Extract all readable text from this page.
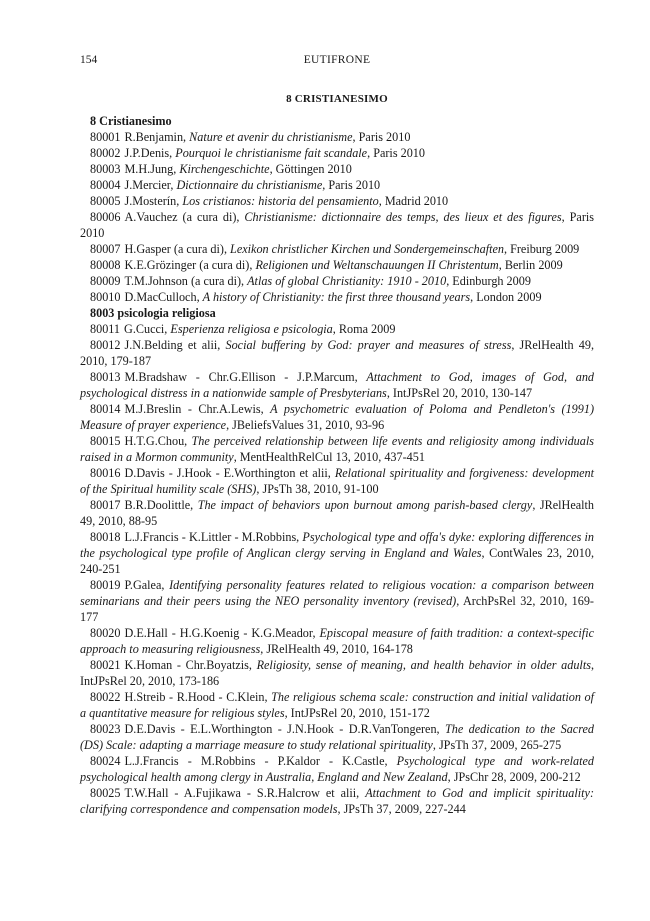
154	EUTIFRONE
8 CRISTIANESIMO

8 Cristianesimo

80001 R.Benjamin, Nature et avenir du christianisme, Paris 2010

80002 J.P.Denis, Pourquoi le christianisme fait scandale, Paris 2010

80003 M.H.Jung, Kirchengeschichte, Göttingen 2010

80004 J.Mercier, Dictionnaire du christianisme, Paris 2010

80005 J.Mosterín, Los cristianos: historia del pensamiento, Madrid 2010

80006 A.Vauchez (a cura di), Christianisme: dictionnaire des temps, des lieux et des figures, Paris 2010

80007 H.Gasper (a cura di), Lexikon christlicher Kirchen und Sondergemeinschaften, Freiburg 2009

80008 K.E.Grözinger (a cura di), Religionen und Weltanschauungen II Christentum, Berlin 2009

80009 T.M.Johnson (a cura di), Atlas of global Christianity: 1910 - 2010, Edinburgh 2009

80010 D.MacCulloch, A history of Christianity: the first three thousand years, London 2009

8003 psicologia religiosa

80011 G.Cucci, Esperienza religiosa e psicologia, Roma 2009

80012 J.N.Belding et alii, Social buffering by God: prayer and measures of stress, JRelHealth 49, 2010, 179-187

80013 M.Bradshaw - Chr.G.Ellison - J.P.Marcum, Attachment to God, images of God, and psychological distress in a nationwide sample of Presbyterians, IntJPsRel 20, 2010, 130-147

80014 M.J.Breslin - Chr.A.Lewis, A psychometric evaluation of Poloma and Pendleton's (1991) Measure of prayer experience, JBeliefsValues 31, 2010, 93-96

80015 H.T.G.Chou, The perceived relationship between life events and religiosity among individuals raised in a Mormon community, MentHealthRelCul 13, 2010, 437-451

80016 D.Davis - J.Hook - E.Worthington et alii, Relational spirituality and forgiveness: development of the Spiritual humility scale (SHS), JPsTh 38, 2010, 91-100

80017 B.R.Doolittle, The impact of behaviors upon burnout among parish-based clergy, JRelHealth 49, 2010, 88-95

80018 L.J.Francis - K.Littler - M.Robbins, Psychological type and offa's dyke: exploring differences in the psychological type profile of Anglican clergy serving in England and Wales, ContWales 23, 2010, 240-251

80019 P.Galea, Identifying personality features related to religious vocation: a comparison between seminarians and their peers using the NEO personality inventory (revised), ArchPsRel 32, 2010, 169-177

80020 D.E.Hall - H.G.Koenig - K.G.Meador, Episcopal measure of faith tradition: a context-specific approach to measuring religiousness, JRelHealth 49, 2010, 164-178

80021 K.Homan - Chr.Boyatzis, Religiosity, sense of meaning, and health behavior in older adults, IntJPsRel 20, 2010, 173-186

80022 H.Streib - R.Hood - C.Klein, The religious schema scale: construction and initial validation of a quantitative measure for religious styles, IntJPsRel 20, 2010, 151-172

80023 D.E.Davis - E.L.Worthington - J.N.Hook - D.R.VanTongeren, The dedication to the Sacred (DS) Scale: adapting a marriage measure to study relational spirituality, JPsTh 37, 2009, 265-275

80024 L.J.Francis - M.Robbins - P.Kaldor - K.Castle, Psychological type and work-related psychological health among clergy in Australia, England and New Zealand, JPsChr 28, 2009, 200-212

80025 T.W.Hall - A.Fujikawa - S.R.Halcrow et alii, Attachment to God and implicit spirituality: clarifying correspondence and compensation models, JPsTh 37, 2009, 227-244
